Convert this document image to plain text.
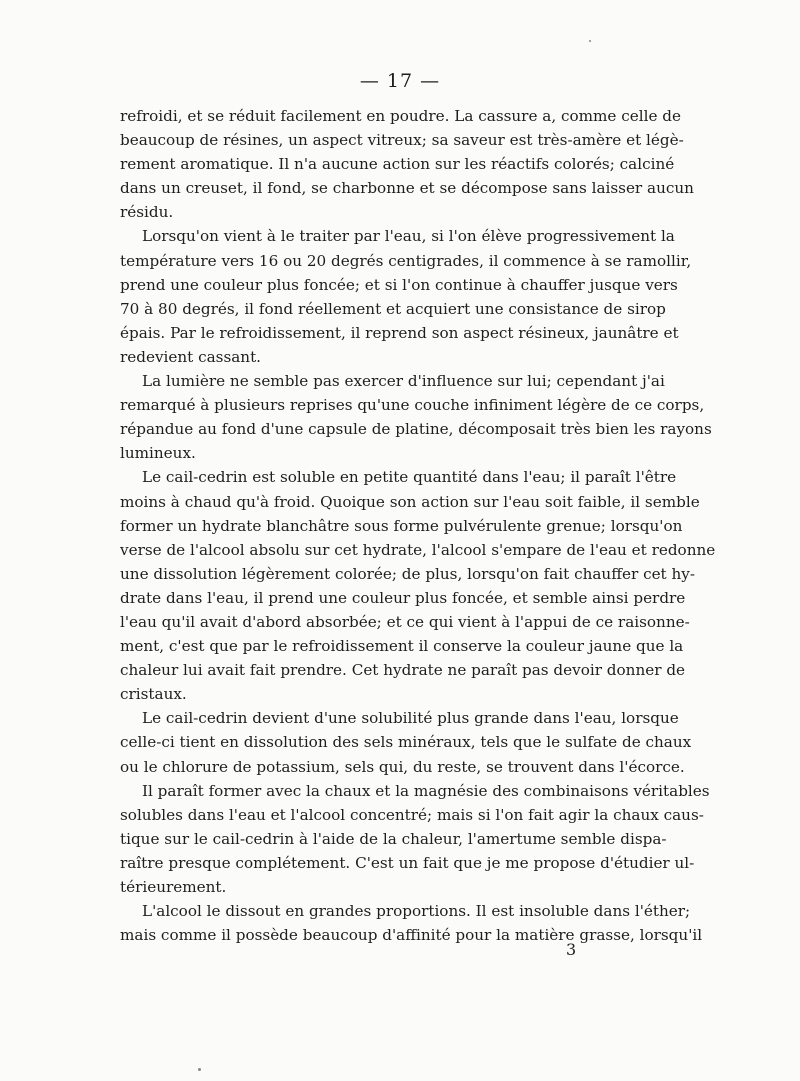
— 17 —
refroidi, et se réduit facilement en poudre. La cassure a, comme celle de
beaucoup de résines, un aspect vitreux; sa saveur est très-amère et légè-
rement aromatique. Il n'a aucune action sur les réactifs colorés; calciné
dans un creuset, il fond, se charbonne et se décompose sans laisser aucun
résidu.
Lorsqu'on vient à le traiter par l'eau, si l'on élève progressivement la
température vers 16 ou 20 degrés centigrades, il commence à se ramollir,
prend une couleur plus foncée; et si l'on continue à chauffer jusque vers
70 à 80 degrés, il fond réellement et acquiert une consistance de sirop
épais. Par le refroidissement, il reprend son aspect résineux, jaunâtre et
redevient cassant.
La lumière ne semble pas exercer d'influence sur lui; cependant j'ai
remarqué à plusieurs reprises qu'une couche infiniment légère de ce corps,
répandue au fond d'une capsule de platine, décomposait très bien les rayons
lumineux.
Le cail-cedrin est soluble en petite quantité dans l'eau; il paraît l'être
moins à chaud qu'à froid. Quoique son action sur l'eau soit faible, il semble
former un hydrate blanchâtre sous forme pulvérulente grenue; lorsqu'on
verse de l'alcool absolu sur cet hydrate, l'alcool s'empare de l'eau et redonne
une dissolution légèrement colorée; de plus, lorsqu'on fait chauffer cet hy-
drate dans l'eau, il prend une couleur plus foncée, et semble ainsi perdre
l'eau qu'il avait d'abord absorbée; et ce qui vient à l'appui de ce raisonne-
ment, c'est que par le refroidissement il conserve la couleur jaune que la
chaleur lui avait fait prendre. Cet hydrate ne paraît pas devoir donner de
cristaux.
Le cail-cedrin devient d'une solubilité plus grande dans l'eau, lorsque
celle-ci tient en dissolution des sels minéraux, tels que le sulfate de chaux
ou le chlorure de potassium, sels qui, du reste, se trouvent dans l'écorce.
Il paraît former avec la chaux et la magnésie des combinaisons véritables
solubles dans l'eau et l'alcool concentré; mais si l'on fait agir la chaux caus-
tique sur le cail-cedrin à l'aide de la chaleur, l'amertume semble dispa-
raître presque complétement. C'est un fait que je me propose d'étudier ul-
térieurement.
L'alcool le dissout en grandes proportions. Il est insoluble dans l'éther;
mais comme il possède beaucoup d'affinité pour la matière grasse, lorsqu'il
3
